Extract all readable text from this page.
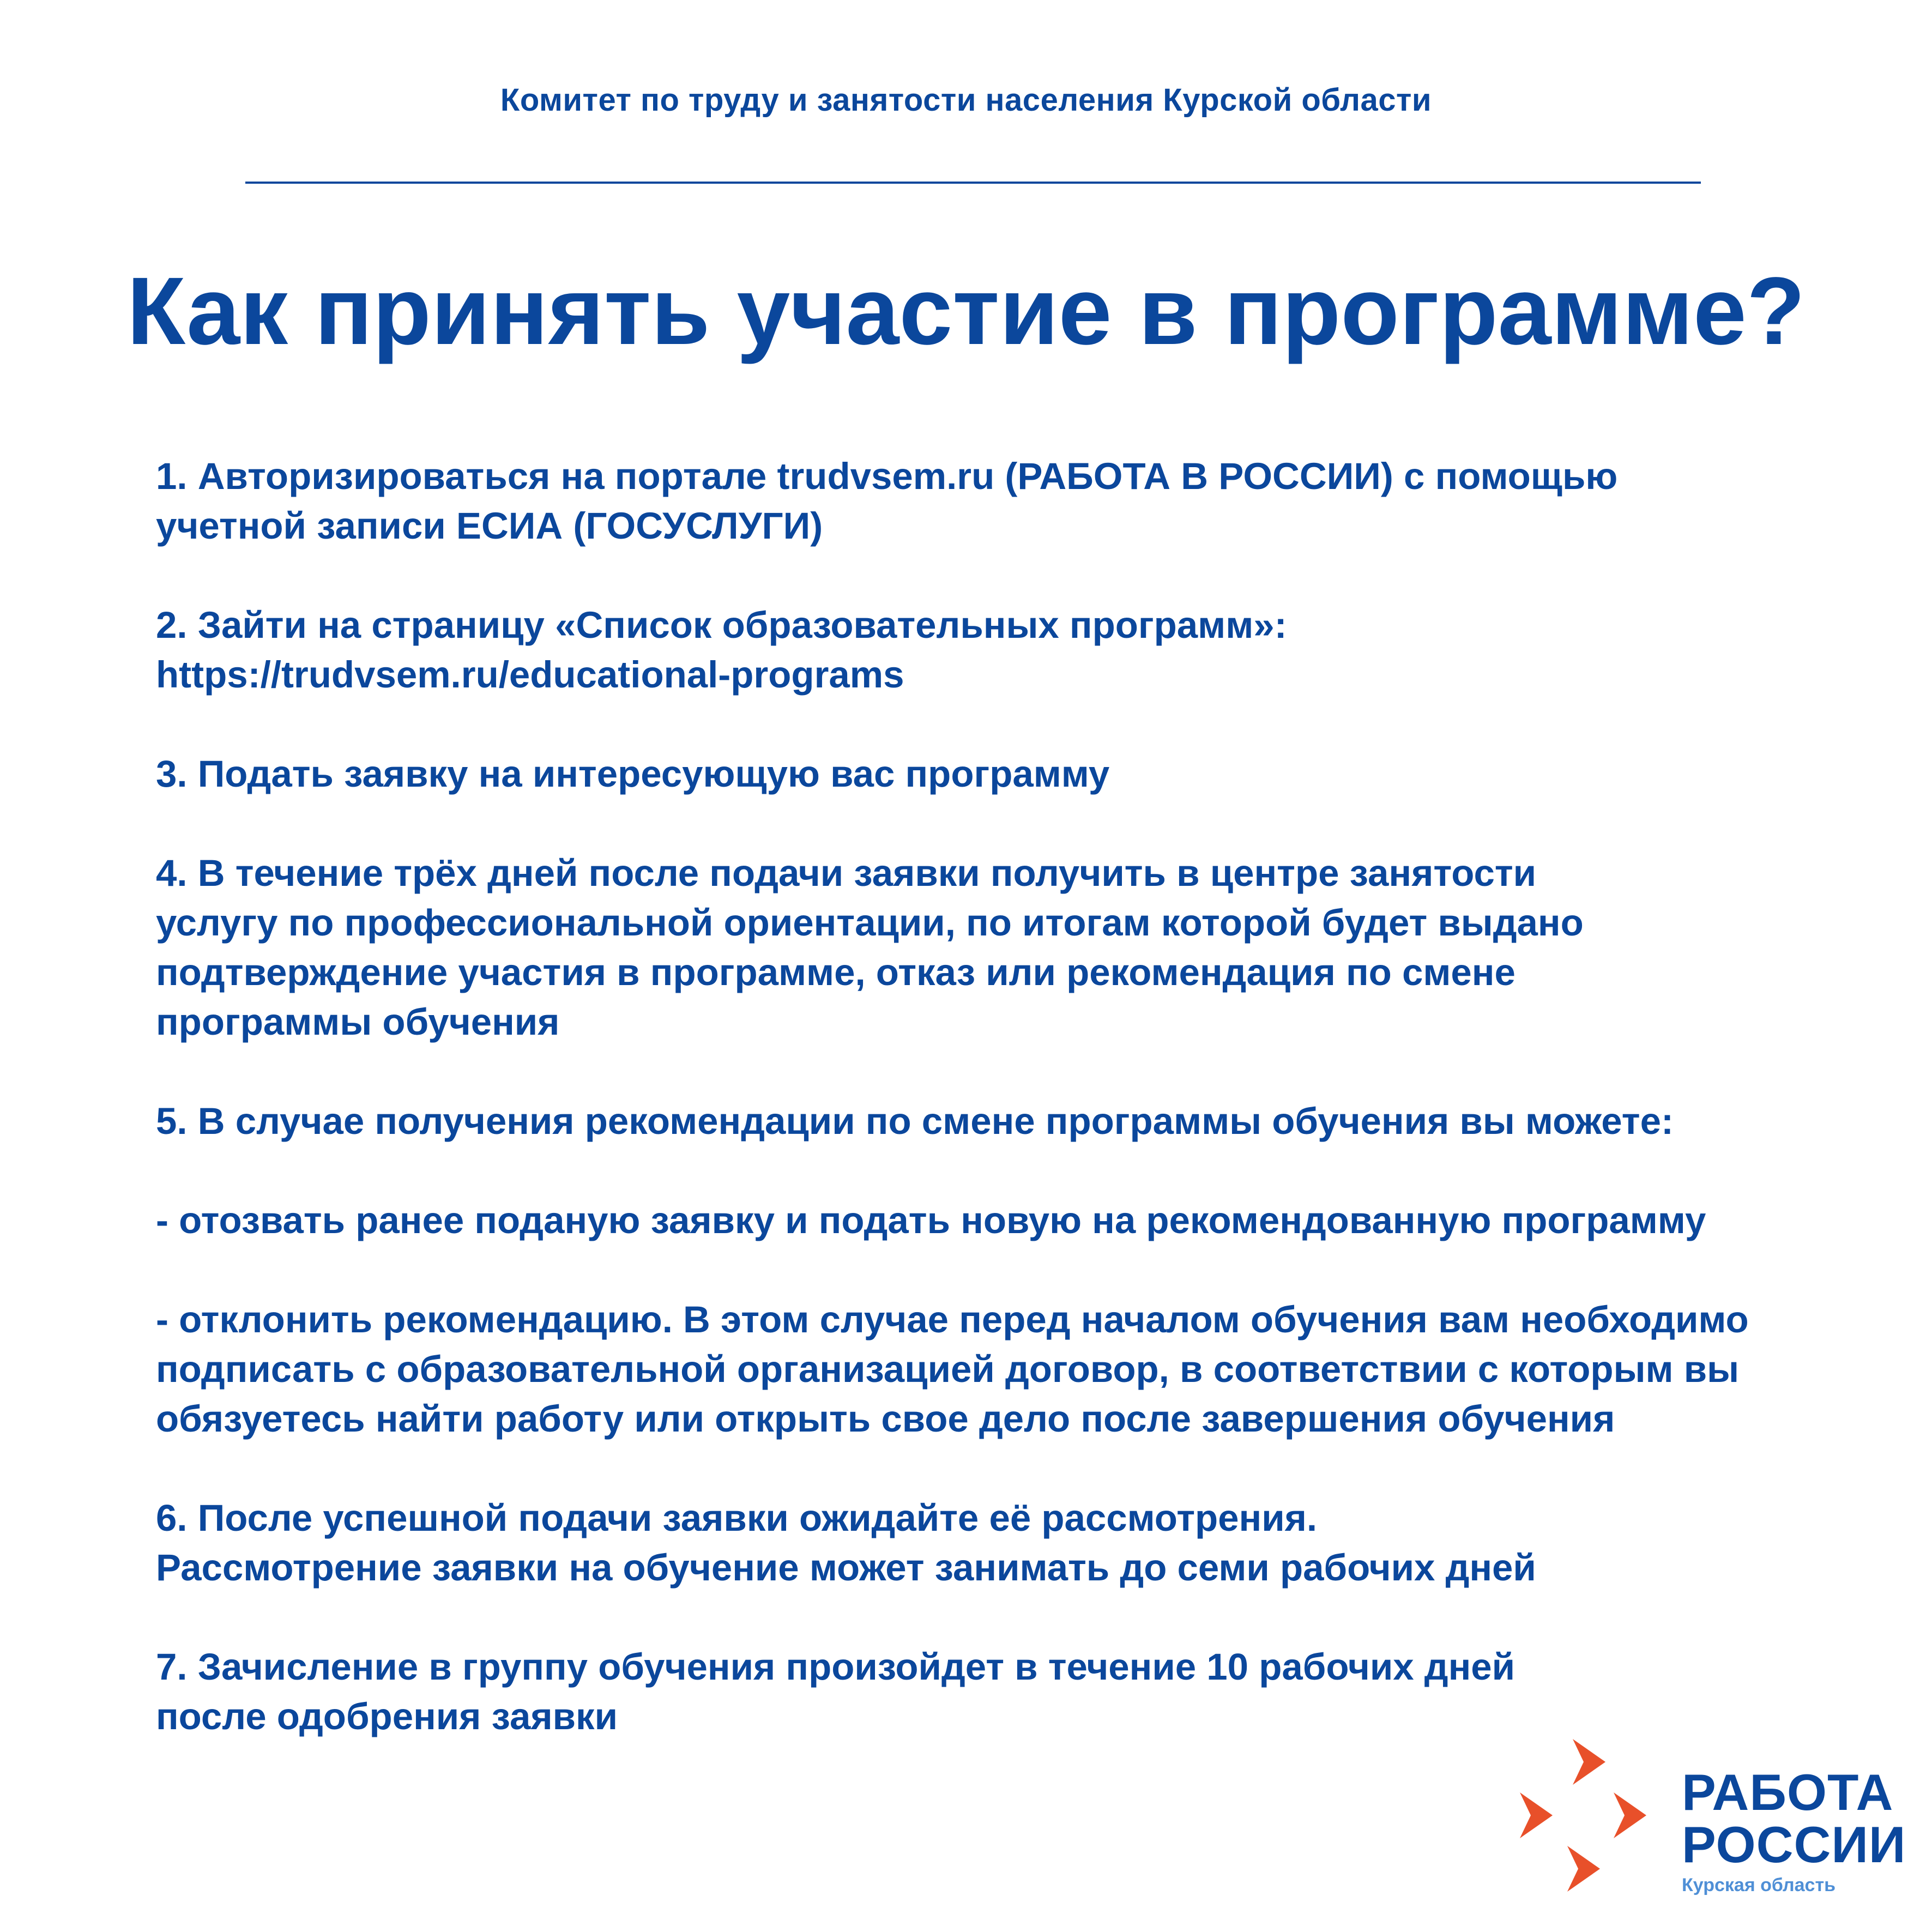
Комитет по труду и занятости населения Курской области
Как принять участие в программе?
1. Авторизироваться на портале trudvsem.ru (РАБОТА В РОССИИ) с помощью
учетной записи ЕСИА (ГОСУСЛУГИ)
2. Зайти на страницу «Список образовательных программ»:
https://trudvsem.ru/educational-programs
3. Подать заявку на интересующую вас программу
4. В течение трёх дней после подачи заявки получить в центре занятости
услугу по профессиональной ориентации, по итогам которой будет выдано
подтверждение участия в программе, отказ или рекомендация по смене
программы обучения
5. В случае получения рекомендации по смене программы обучения вы можете:
- отозвать ранее поданую заявку и подать новую на рекомендованную программу
- отклонить рекомендацию. В этом случае перед началом обучения вам необходимо
подписать с образовательной организацией договор, в соответствии с которым вы
обязуетесь найти работу или открыть свое дело после завершения обучения
6. После успешной подачи заявки ожидайте её рассмотрения.
Рассмотрение заявки на обучение может занимать до семи рабочих дней
7. Зачисление в группу обучения произойдет в течение 10 рабочих дней
после одобрения заявки
РАБОТА
РОССИИ
Курская область
